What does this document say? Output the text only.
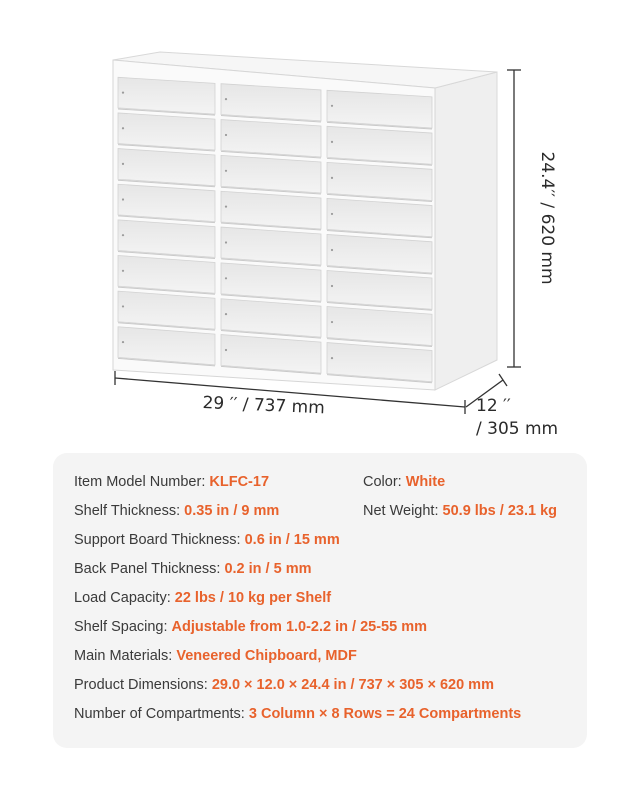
29 ′′ / 737 mm	12 ′′
/ 305 mm
24.4′′ / 620 mm
Item Model Number: KLFC-17	Color: White
Shelf Thickness: 0.35 in / 9 mm	Net Weight: 50.9 lbs / 23.1 kg
Support Board Thickness: 0.6 in / 15 mm
Back Panel Thickness: 0.2 in / 5 mm
Load Capacity: 22 lbs / 10 kg per Shelf
Shelf Spacing: Adjustable from 1.0-2.2 in / 25-55 mm
Main Materials: Veneered Chipboard, MDF
Product Dimensions: 29.0 × 12.0 × 24.4 in / 737 × 305 × 620 mm
Number of Compartments: 3 Column × 8 Rows = 24 Compartments
